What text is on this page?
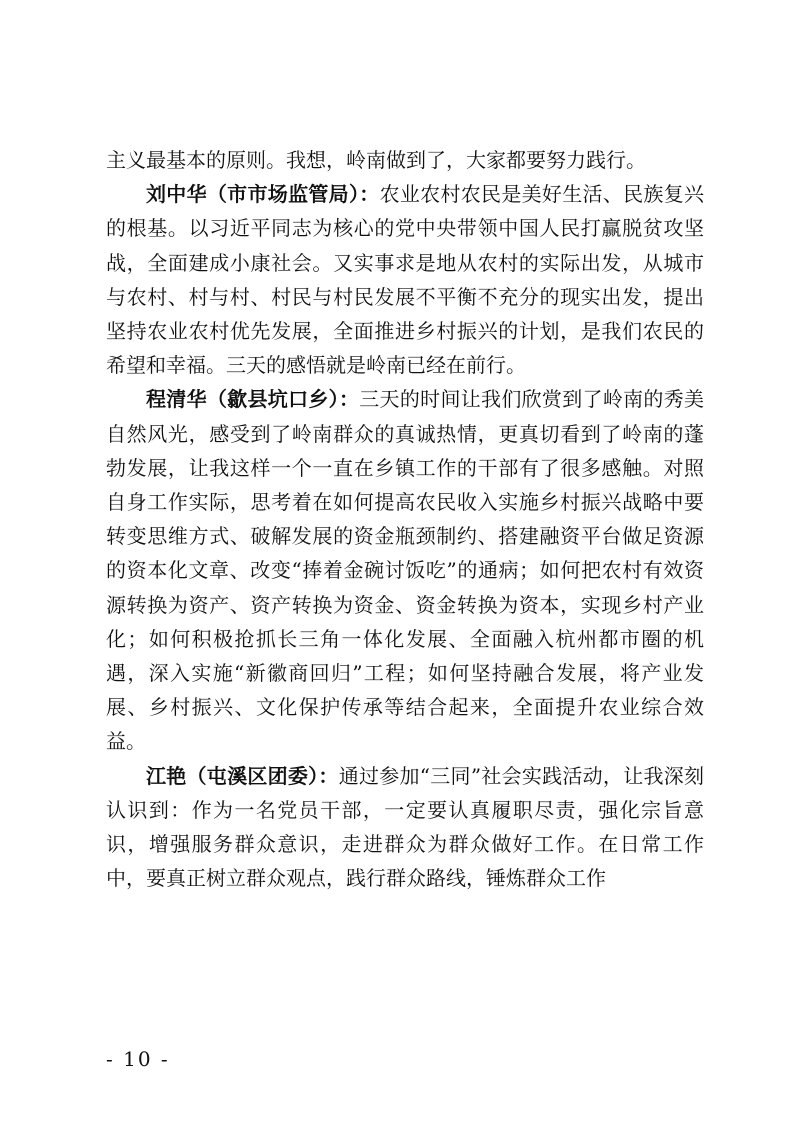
主义最基本的原则。我想，岭南做到了，大家都要努力践行。

刘中华（市市场监管局）：农业农村农民是美好生活、民族复兴的根基。以习近平同志为核心的党中央带领中国人民打赢脱贫攻坚战，全面建成小康社会。又实事求是地从农村的实际出发，从城市与农村、村与村、村民与村民发展不平衡不充分的现实出发，提出坚持农业农村优先发展，全面推进乡村振兴的计划，是我们农民的希望和幸福。三天的感悟就是岭南已经在前行。

程清华（歙县坑口乡）：三天的时间让我们欣赏到了岭南的秀美自然风光，感受到了岭南群众的真诚热情，更真切看到了岭南的蓬勃发展，让我这样一个一直在乡镇工作的干部有了很多感触。对照自身工作实际，思考着在如何提高农民收入实施乡村振兴战略中要转变思维方式、破解发展的资金瓶颈制约、搭建融资平台做足资源的资本化文章、改变“捧着金碗讨饭吃”的通病；如何把农村有效资源转换为资产、资产转换为资金、资金转换为资本，实现乡村产业化；如何积极抢抓长三角一体化发展、全面融入杭州都市圈的机遇，深入实施“新徽商回归”工程；如何坚持融合发展，将产业发展、乡村振兴、文化保护传承等结合起来，全面提升农业综合效益。

江艳（屯溪区团委）：通过参加“三同”社会实践活动，让我深刻认识到：作为一名党员干部，一定要认真履职尽责，强化宗旨意识，增强服务群众意识，走进群众为群众做好工作。在日常工作中，要真正树立群众观点，践行群众路线，锤炼群众工作

- 10 -
